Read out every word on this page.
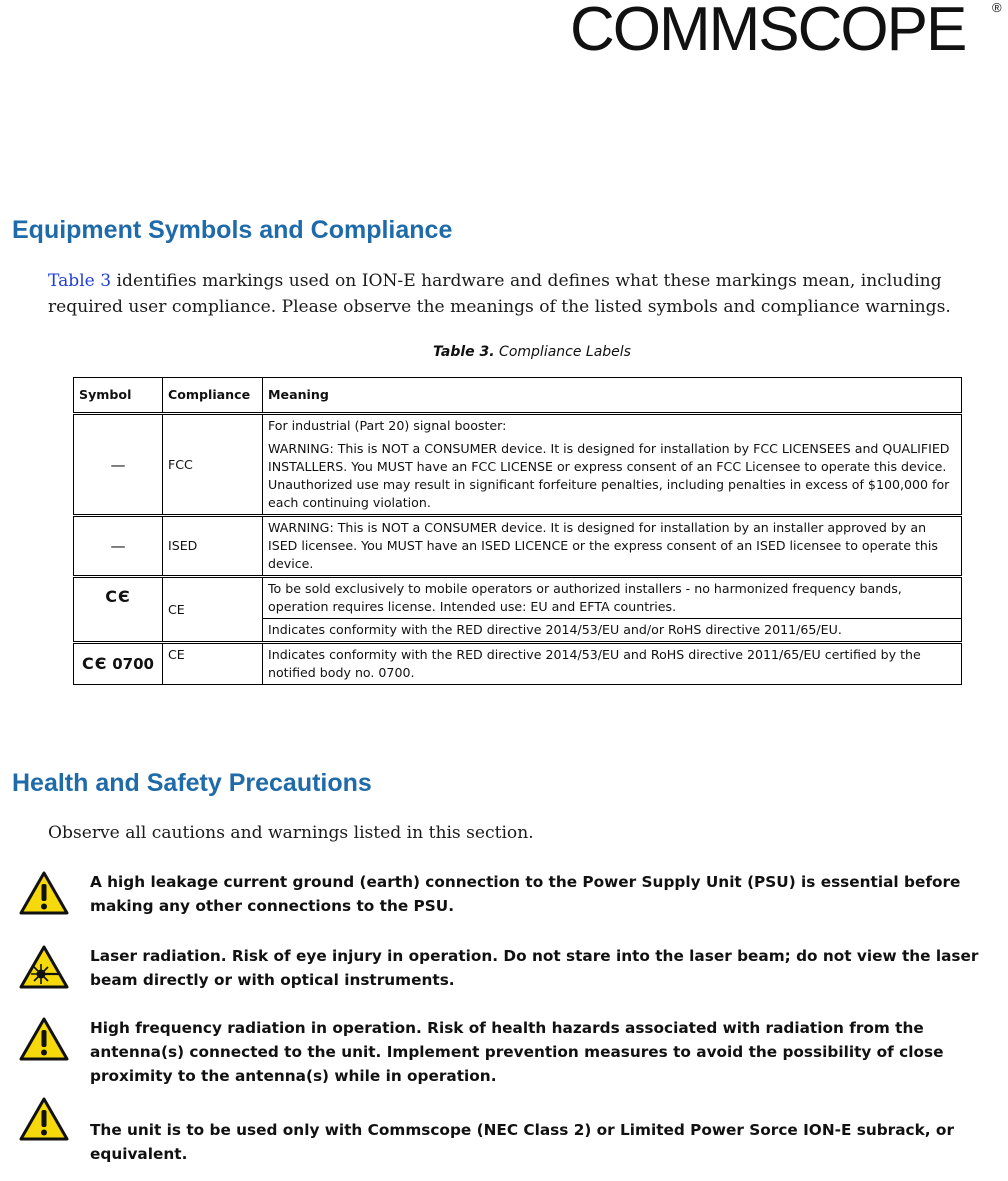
COMMSCOPE ®
Equipment Symbols and Compliance

Table 3 identifies markings used on ION-E hardware and defines what these markings mean, including required user compliance. Please observe the meanings of the listed symbols and compliance warnings.

Table 3. Compliance Labels
Symbol	Compliance	Meaning
—	FCC	For industrial (Part 20) signal booster:

WARNING: This is NOT a CONSUMER device. It is designed for installation by FCC LICENSEES and QUALIFIED INSTALLERS. You MUST have an FCC LICENSE or express consent of an FCC Licensee to operate this device. Unauthorized use may result in significant forfeiture penalties, including penalties in excess of $100,000 for each continuing violation.

—	ISED	WARNING: This is NOT a CONSUMER device. It is designed for installation by an installer approved by an ISED licensee. You MUST have an ISED LICENCE or the express consent of an ISED licensee to operate this device.

CЄ	CE	To be sold exclusively to mobile operators or authorized installers - no harmonized frequency bands, operation requires license. Intended use: EU and EFTA countries.

		Indicates conformity with the RED directive 2014/53/EU and/or RoHS directive 2011/65/EU.

CЄ 0700	CE	Indicates conformity with the RED directive 2014/53/EU and RoHS directive 2011/65/EU certified by the notified body no. 0700.

Health and Safety Precautions

Observe all cautions and warnings listed in this section.

A high leakage current ground (earth) connection to the Power Supply Unit (PSU) is essential before making any other connections to the PSU.

Laser radiation. Risk of eye injury in operation. Do not stare into the laser beam; do not view the laser beam directly or with optical instruments.

High frequency radiation in operation. Risk of health hazards associated with radiation from the antenna(s) connected to the unit. Implement prevention measures to avoid the possibility of close proximity to the antenna(s) while in operation.

The unit is to be used only with Commscope (NEC Class 2) or Limited Power Sorce ION-E subrack, or equivalent.
